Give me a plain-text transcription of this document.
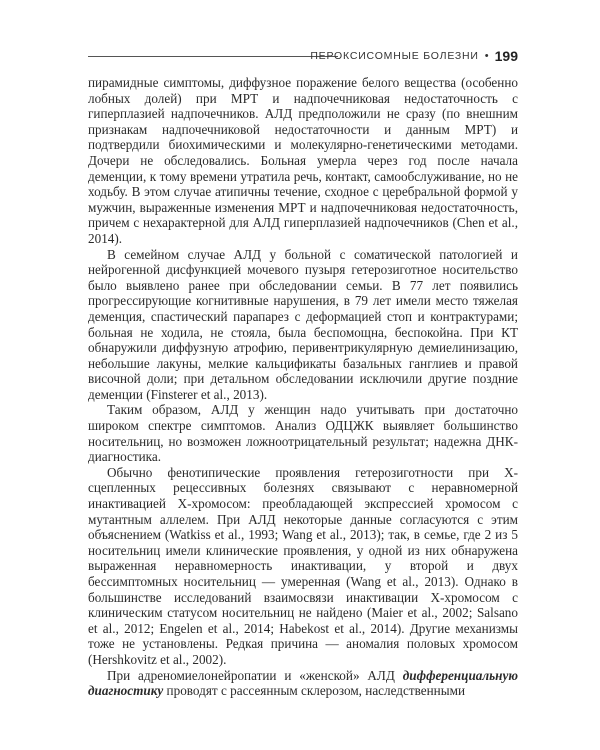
ПЕРОКСИСОМНЫЕ БОЛЕЗНИ • 199

пирамидные симптомы, диффузное поражение белого вещества (особенно лобных долей) при МРТ и надпочечниковая недостаточность с гиперплазией надпочечников. АЛД предположили не сразу (по внешним признакам надпочечниковой недостаточности и данным МРТ) и подтвердили биохимическими и молекулярно-генетическими методами. Дочери не обследовались. Больная умерла через год после начала деменции, к тому времени утратила речь, контакт, самообслуживание, но не ходьбу. В этом случае атипичны течение, сходное с церебральной формой у мужчин, выраженные изменения МРТ и надпочечниковая недостаточность, причем с нехарактерной для АЛД гиперплазией надпочечников (Chen et al., 2014).

В семейном случае АЛД у больной с соматической патологией и нейрогенной дисфункцией мочевого пузыря гетерозиготное носительство было выявлено ранее при обследовании семьи. В 77 лет появились прогрессирующие когнитивные нарушения, в 79 лет имели место тяжелая деменция, спастический парапарез с деформацией стоп и контрактурами; больная не ходила, не стояла, была беспомощна, беспокойна. При КТ обнаружили диффузную атрофию, перивентрикулярную демиелинизацию, небольшие лакуны, мелкие кальцификаты базальных ганглиев и правой височной доли; при детальном обследовании исключили другие поздние деменции (Finsterer et al., 2013).

Таким образом, АЛД у женщин надо учитывать при достаточно широком спектре симптомов. Анализ ОДЦЖК выявляет большинство носительниц, но возможен ложноотрицательный результат; надежна ДНК-диагностика.

Обычно фенотипические проявления гетерозиготности при Х-сцепленных рецессивных болезнях связывают с неравномерной инактивацией Х-хромосом: преобладающей экспрессией хромосом с мутантным аллелем. При АЛД некоторые данные согласуются с этим объяснением (Watkiss et al., 1993; Wang et al., 2013); так, в семье, где 2 из 5 носительниц имели клинические проявления, у одной из них обнаружена выраженная неравномерность инактивации, у второй и двух бессимптомных носительниц — умеренная (Wang et al., 2013). Однако в большинстве исследований взаимосвязи инактивации Х-хромосом с клиническим статусом носительниц не найдено (Maier et al., 2002; Salsano et al., 2012; Engelen et al., 2014; Habekost et al., 2014). Другие механизмы тоже не установлены. Редкая причина — аномалия половых хромосом (Hershkovitz et al., 2002).

При адреномиелонейропатии и «женской» АЛД дифференциальную диагностику проводят с рассеянным склерозом, наследственными
